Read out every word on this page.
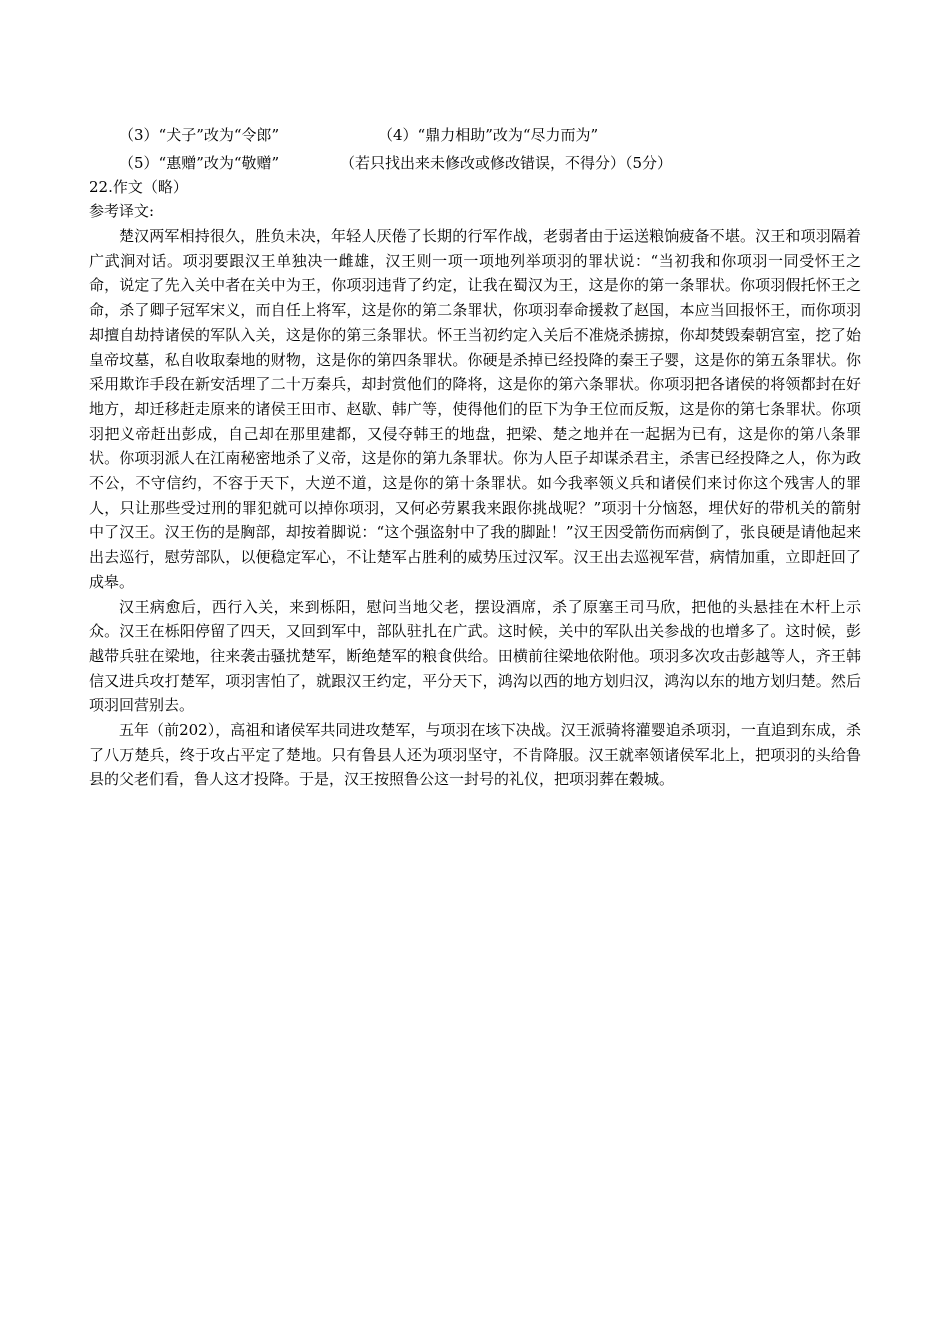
（3）“犬子”改为“令郎”	（4）“鼎力相助”改为“尽力而为”
（5）“惠赠”改为“敬赠”	（若只找出来未修改或修改错误，不得分）（5分）
22.作文（略）
参考译文:

楚汉两军相持很久，胜负未决，年轻人厌倦了长期的行军作战，老弱者由于运送粮饷疲备不堪。汉王和项羽隔着广武涧对话。项羽要跟汉王单独决一雌雄，汉王则一项一项地列举项羽的罪状说：“当初我和你项羽一同受怀王之命，说定了先入关中者在关中为王，你项羽违背了约定，让我在蜀汉为王，这是你的第一条罪状。你项羽假托怀王之命，杀了卿子冠军宋义，而自任上将军，这是你的第二条罪状，你项羽奉命援救了赵国，本应当回报怀王，而你项羽却擅自劫持诸侯的军队入关，这是你的第三条罪状。怀王当初约定入关后不准烧杀掳掠，你却焚毁秦朝宫室，挖了始皇帝坟墓，私自收取秦地的财物，这是你的第四条罪状。你硬是杀掉已经投降的秦王子婴，这是你的第五条罪状。你采用欺诈手段在新安活埋了二十万秦兵，却封赏他们的降将，这是你的第六条罪状。你项羽把各诸侯的将领都封在好地方，却迁移赶走原来的诸侯王田市、赵歇、韩广等，使得他们的臣下为争王位而反叛，这是你的第七条罪状。你项羽把义帝赶出彭成，自己却在那里建都，又侵夺韩王的地盘，把梁、楚之地并在一起据为已有，这是你的第八条罪状。你项羽派人在江南秘密地杀了义帝，这是你的第九条罪状。你为人臣子却谋杀君主，杀害已经投降之人，你为政不公，不守信约，不容于天下，大逆不道，这是你的第十条罪状。如今我率领义兵和诸侯们来讨你这个残害人的罪人，只让那些受过刑的罪犯就可以掉你项羽，又何必劳累我来跟你挑战呢？”项羽十分恼怒，埋伏好的带机关的箭射中了汉王。汉王伤的是胸部，却按着脚说：“这个强盗射中了我的脚趾！”汉王因受箭伤而病倒了，张良硬是请他起来出去巡行，慰劳部队，以便稳定军心，不让楚军占胜利的威势压过汉军。汉王出去巡视军营，病情加重，立即赶回了成皋。

汉王病愈后，西行入关，来到栎阳，慰问当地父老，摆设酒席，杀了原塞王司马欣，把他的头悬挂在木杆上示众。汉王在栎阳停留了四天，又回到军中，部队驻扎在广武。这时候，关中的军队出关参战的也增多了。这时候，彭越带兵驻在梁地，往来袭击骚扰楚军，断绝楚军的粮食供给。田横前往梁地依附他。项羽多次攻击彭越等人，齐王韩信又进兵攻打楚军，项羽害怕了，就跟汉王约定，平分天下，鸿沟以西的地方划归汉，鸿沟以东的地方划归楚。然后项羽回营别去。

五年（前202），高祖和诸侯军共同进攻楚军，与项羽在垓下决战。汉王派骑将灌婴追杀项羽，一直追到东成，杀了八万楚兵，终于攻占平定了楚地。只有鲁县人还为项羽坚守，不肯降服。汉王就率领诸侯军北上，把项羽的头给鲁县的父老们看，鲁人这才投降。于是，汉王按照鲁公这一封号的礼仪，把项羽葬在穀城。
